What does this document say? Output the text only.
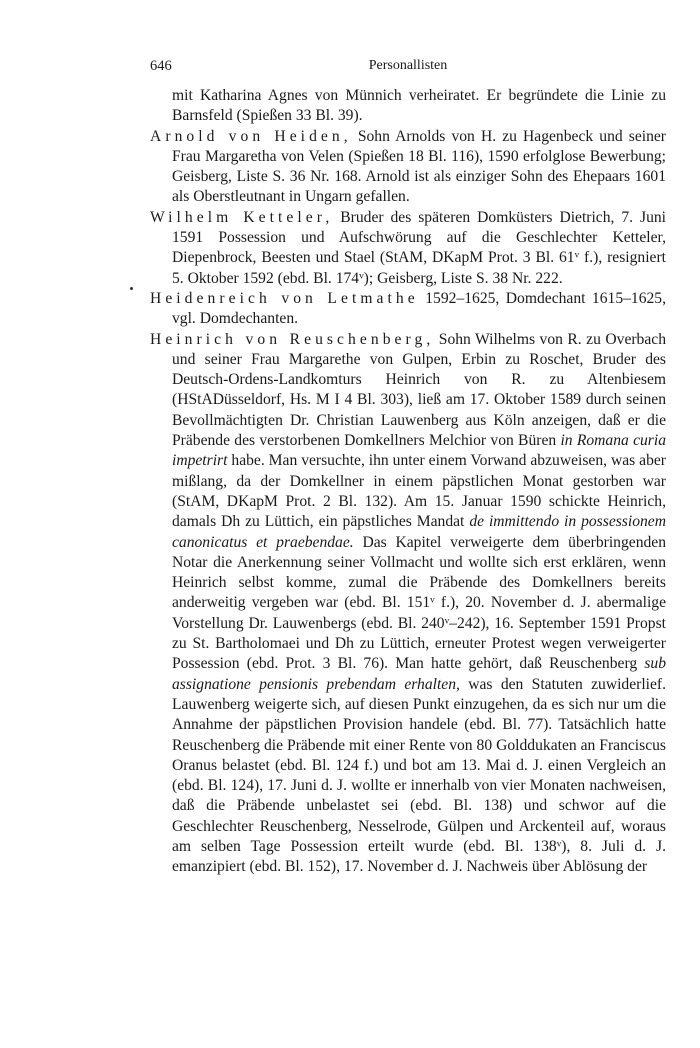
646	Personallisten

mit Katharina Agnes von Münnich verheiratet. Er begründete die Linie zu Barnsfeld (Spießen 33 Bl. 39).

Arnold von Heiden, Sohn Arnolds von H. zu Hagenbeck und seiner Frau Margaretha von Velen (Spießen 18 Bl. 116), 1590 erfolglose Bewerbung; Geisberg, Liste S. 36 Nr. 168. Arnold ist als einziger Sohn des Ehepaars 1601 als Oberstleutnant in Ungarn gefallen.

Wilhelm Ketteler, Bruder des späteren Domküsters Dietrich, 7. Juni 1591 Possession und Aufschwörung auf die Geschlechter Ketteler, Diepenbrock, Beesten und Stael (StAM, DKapM Prot. 3 Bl. 61ᵛ f.), resigniert 5. Oktober 1592 (ebd. Bl. 174ᵛ); Geisberg, Liste S. 38 Nr. 222.

Heidenreich von Letmathe 1592–1625, Domdechant 1615–1625, vgl. Domdechanten.

Heinrich von Reuschenberg, Sohn Wilhelms von R. zu Overbach und seiner Frau Margarethe von Gulpen, Erbin zu Roschet, Bruder des Deutsch-Ordens-Landkomturs Heinrich von R. zu Altenbiesem (HStADüsseldorf, Hs. M I 4 Bl. 303), ließ am 17. Oktober 1589 durch seinen Bevollmächtigten Dr. Christian Lauwenberg aus Köln anzeigen, daß er die Präbende des verstorbenen Domkellners Melchior von Büren in Romana curia impetrirt habe. Man versuchte, ihn unter einem Vorwand abzuweisen, was aber mißlang, da der Domkellner in einem päpstlichen Monat gestorben war (StAM, DKapM Prot. 2 Bl. 132). Am 15. Januar 1590 schickte Heinrich, damals Dh zu Lüttich, ein päpstliches Mandat de immittendo in possessionem canonicatus et praebendae. Das Kapitel verweigerte dem überbringenden Notar die Anerkennung seiner Vollmacht und wollte sich erst erklären, wenn Heinrich selbst komme, zumal die Präbende des Domkellners bereits anderweitig vergeben war (ebd. Bl. 151ᵛ f.), 20. November d. J. abermalige Vorstellung Dr. Lauwenbergs (ebd. Bl. 240ᵛ–242), 16. September 1591 Propst zu St. Bartholomaei und Dh zu Lüttich, erneuter Protest wegen verweigerter Possession (ebd. Prot. 3 Bl. 76). Man hatte gehört, daß Reuschenberg sub assignatione pensionis prebendam erhalten, was den Statuten zuwiderlief. Lauwenberg weigerte sich, auf diesen Punkt einzugehen, da es sich nur um die Annahme der päpstlichen Provision handele (ebd. Bl. 77). Tatsächlich hatte Reuschenberg die Präbende mit einer Rente von 80 Golddukaten an Franciscus Oranus belastet (ebd. Bl. 124 f.) und bot am 13. Mai d. J. einen Vergleich an (ebd. Bl. 124), 17. Juni d. J. wollte er innerhalb von vier Monaten nachweisen, daß die Präbende unbelastet sei (ebd. Bl. 138) und schwor auf die Geschlechter Reuschenberg, Nesselrode, Gülpen und Arckenteil auf, woraus am selben Tage Possession erteilt wurde (ebd. Bl. 138ᵛ), 8. Juli d. J. emanzipiert (ebd. Bl. 152), 17. November d. J. Nachweis über Ablösung der
